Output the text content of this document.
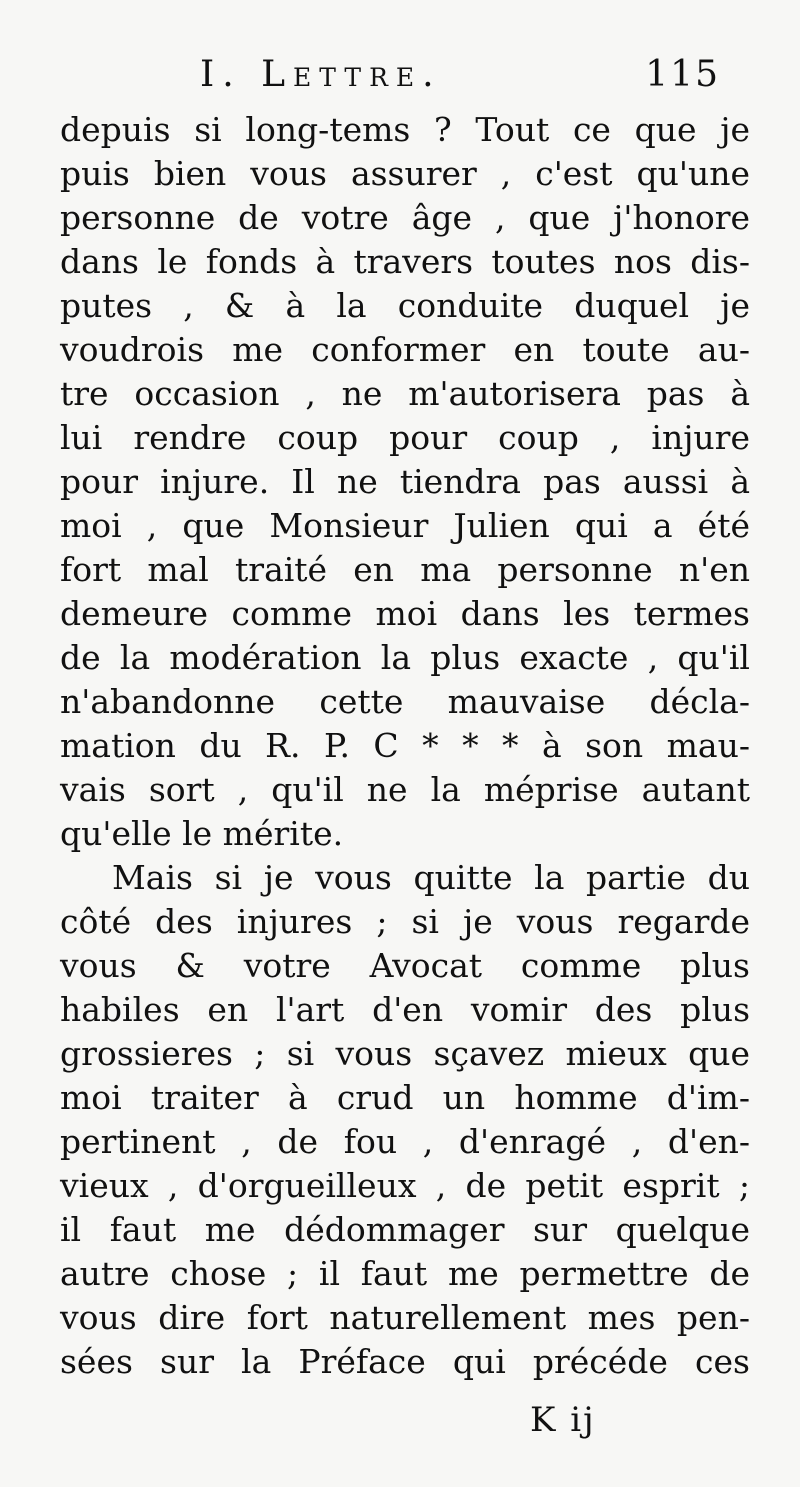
I. Lettre.	115
depuis si long-tems ? Tout ce que je
puis bien vous assurer , c'est qu'une
personne de votre âge , que j'honore
dans le fonds à travers toutes nos dis-
putes , & à la conduite duquel je
voudrois me conformer en toute au-
tre occasion , ne m'autorisera pas à
lui rendre coup pour coup , injure
pour injure. Il ne tiendra pas aussi à
moi , que Monsieur Julien qui a été
fort mal traité en ma personne n'en
demeure comme moi dans les termes
de la modération la plus exacte , qu'il
n'abandonne cette mauvaise décla-
mation du R. P. C * * * à son mau-
vais sort , qu'il ne la méprise autant
qu'elle le mérite.
Mais si je vous quitte la partie du
côté des injures ; si je vous regarde
vous & votre Avocat comme plus
habiles en l'art d'en vomir des plus
grossieres ; si vous sçavez mieux que
moi traiter à crud un homme d'im-
pertinent , de fou , d'enragé , d'en-
vieux , d'orgueilleux , de petit esprit ;
il faut me dédommager sur quelque
autre chose ; il faut me permettre de
vous dire fort naturellement mes pen-
sées sur la Préface qui précéde ces
K ij
